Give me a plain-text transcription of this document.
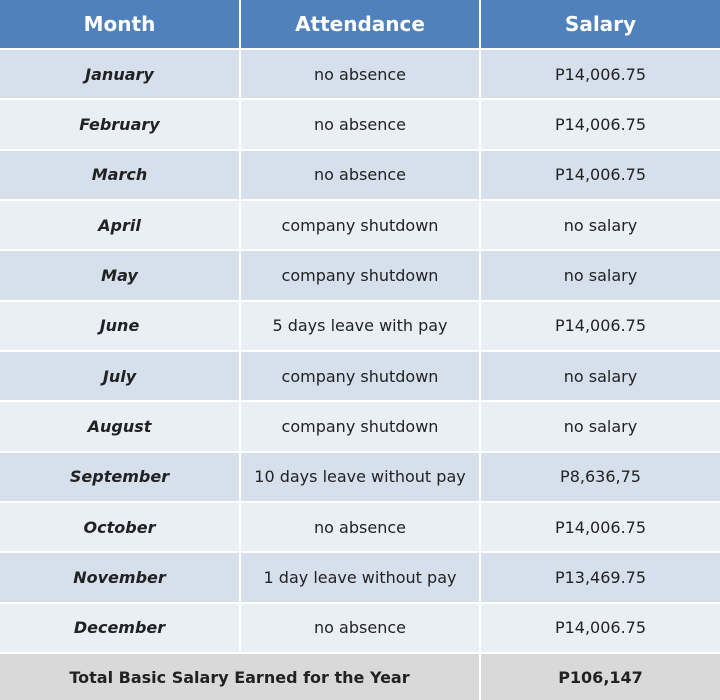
Month	Attendance	Salary
January	no absence	P14,006.75
February	no absence	P14,006.75
March	no absence	P14,006.75
April	company shutdown	no salary
May	company shutdown	no salary
June	5 days leave with pay	P14,006.75
July	company shutdown	no salary
August	company shutdown	no salary
September	10 days leave without pay	P8,636,75
October	no absence	P14,006.75
November	1 day leave without pay	P13,469.75
December	no absence	P14,006.75
Total Basic Salary Earned for the Year		P106,147
